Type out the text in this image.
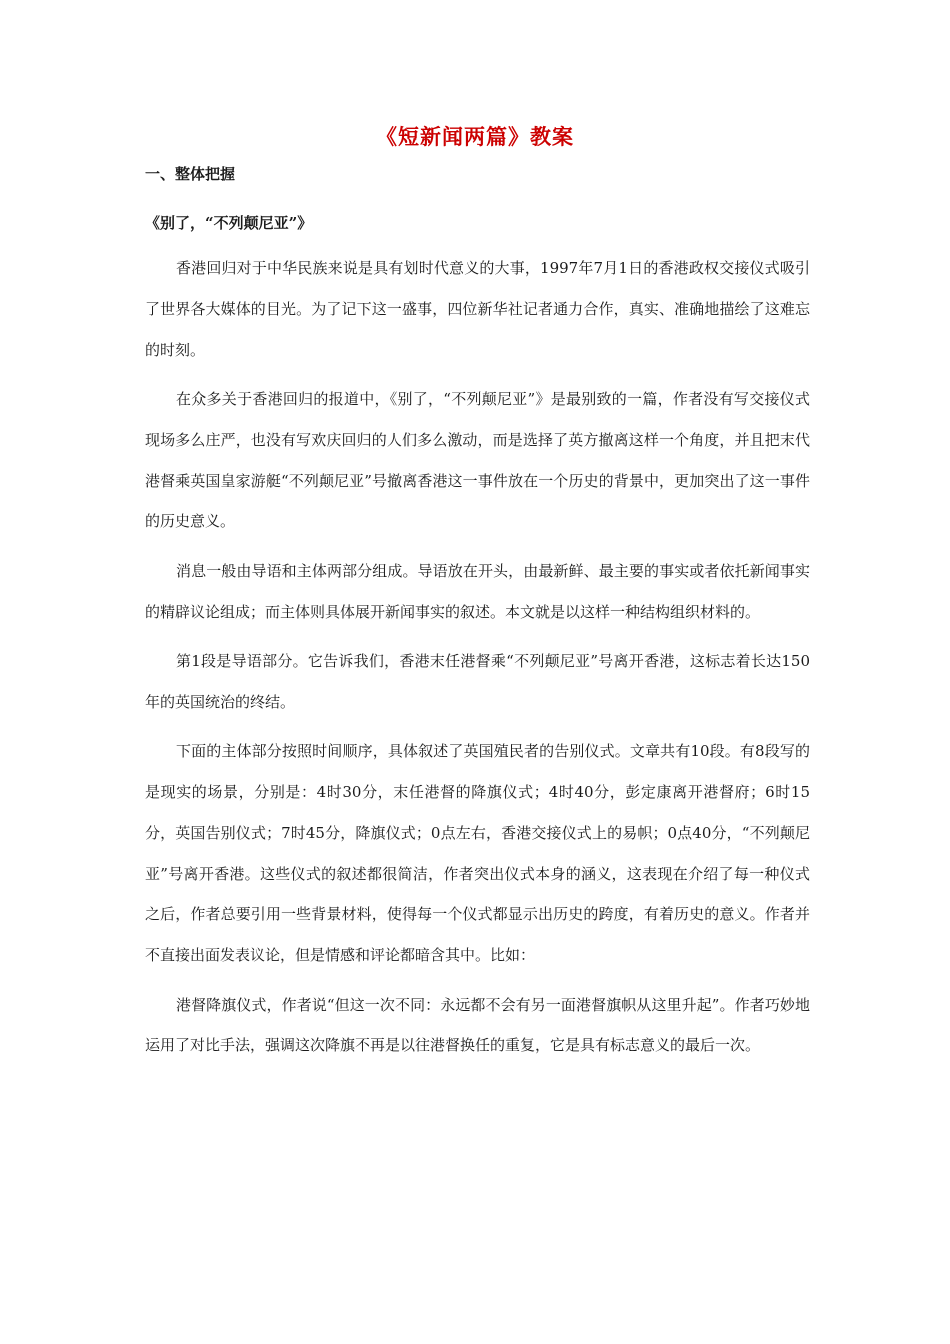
《短新闻两篇》教案
一、整体把握
《别了，“不列颠尼亚”》

香港回归对于中华民族来说是具有划时代意义的大事，1997年7月1日的香港政权交接仪式吸引了世界各大媒体的目光。为了记下这一盛事，四位新华社记者通力合作，真实、准确地描绘了这难忘的时刻。

在众多关于香港回归的报道中，《别了，“不列颠尼亚”》是最别致的一篇，作者没有写交接仪式现场多么庄严，也没有写欢庆回归的人们多么激动，而是选择了英方撤离这样一个角度，并且把末代港督乘英国皇家游艇“不列颠尼亚”号撤离香港这一事件放在一个历史的背景中，更加突出了这一事件的历史意义。

消息一般由导语和主体两部分组成。导语放在开头，由最新鲜、最主要的事实或者依托新闻事实的精辟议论组成；而主体则具体展开新闻事实的叙述。本文就是以这样一种结构组织材料的。

第1段是导语部分。它告诉我们，香港末任港督乘“不列颠尼亚”号离开香港，这标志着长达150年的英国统治的终结。

下面的主体部分按照时间顺序，具体叙述了英国殖民者的告别仪式。文章共有10段。有8段写的是现实的场景，分别是：4时30分，末任港督的降旗仪式；4时40分，彭定康离开港督府；6时15分，英国告别仪式；7时45分，降旗仪式；0点左右，香港交接仪式上的易帜；0点40分，“不列颠尼亚”号离开香港。这些仪式的叙述都很简洁，作者突出仪式本身的涵义，这表现在介绍了每一种仪式之后，作者总要引用一些背景材料，使得每一个仪式都显示出历史的跨度，有着历史的意义。作者并不直接出面发表议论，但是情感和评论都暗含其中。比如：

港督降旗仪式，作者说“但这一次不同：永远都不会有另一面港督旗帜从这里升起”。作者巧妙地运用了对比手法，强调这次降旗不再是以往港督换任的重复，它是具有标志意义的最后一次。
